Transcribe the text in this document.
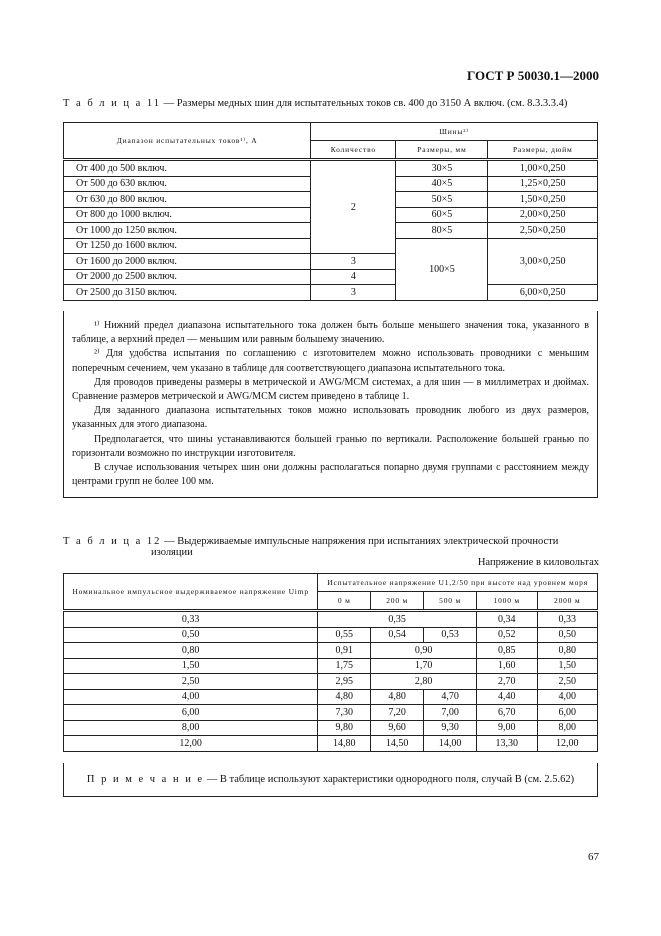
ГОСТ Р 50030.1—2000
Т а б л и ц а 11 — Размеры медных шин для испытательных токов св. 400 до 3150 А включ. (см. 8.3.3.3.4)
Диапазон испытательных токов¹⁾, А	Шины²⁾		
	Количество	Размеры, мм	Размеры, дюйм
От 400 до 500 включ.	2	30×5	1,00×0,250
От 500 до 630 включ.		40×5	1,25×0,250
От 630 до 800 включ.		50×5	1,50×0,250
От 800 до 1000 включ.		60×5	2,00×0,250
От 1000 до 1250 включ.		80×5	2,50×0,250
От 1250 до 1600 включ.		100×5	3,00×0,250
От 1600 до 2000 включ.	3		
От 2000 до 2500 включ.	4		
От 2500 до 3150 включ.	3		6,00×0,250

¹⁾ Нижний предел диапазона испытательного тока должен быть больше меньшего значения тока, указанного в таблице, а верхний предел — меньшим или равным большему значению.

²⁾ Для удобства испытания по соглашению с изготовителем можно использовать проводники с меньшим поперечным сечением, чем указано в таблице для соответствующего диапазона испытательного тока.

Для проводов приведены размеры в метрической и AWG/MCM системах, а для шин — в миллиметрах и дюймах. Сравнение размеров метрической и AWG/MCM систем приведено в таблице 1.

Для заданного диапазона испытательных токов можно использовать проводник любого из двух размеров, указанных для этого диапазона.

Предполагается, что шины устанавливаются большей гранью по вертикали. Расположение большей гранью по горизонтали возможно по инструкции изготовителя.

В случае использования четырех шин они должны располагаться попарно двумя группами с расстоянием между центрами групп не более 100 мм.

Т а б л и ц а 12 — Выдерживаемые импульсные напряжения при испытаниях электрической прочности
изоляции
Напряжение в киловольтах
Номинальное импульсное выдерживаемое напряжение Uimp	Испытательное напряжение U1,2/50 при высоте над уровнем моря				
	0 м	200 м	500 м	1000 м	2000 м
0,33	0,35			0,34	0,33
0,50	0,55	0,54	0,53	0,52	0,50
0,80	0,91	0,90		0,85	0,80
1,50	1,75	1,70		1,60	1,50
2,50	2,95	2,80		2,70	2,50
4,00	4,80	4,80	4,70	4,40	4,00
6,00	7,30	7,20	7,00	6,70	6,00
8,00	9,80	9,60	9,30	9,00	8,00
12,00	14,80	14,50	14,00	13,30	12,00
П р и м е ч а н и е — В таблице используют характеристики однородного поля, случай В (см. 2.5.62)
67
